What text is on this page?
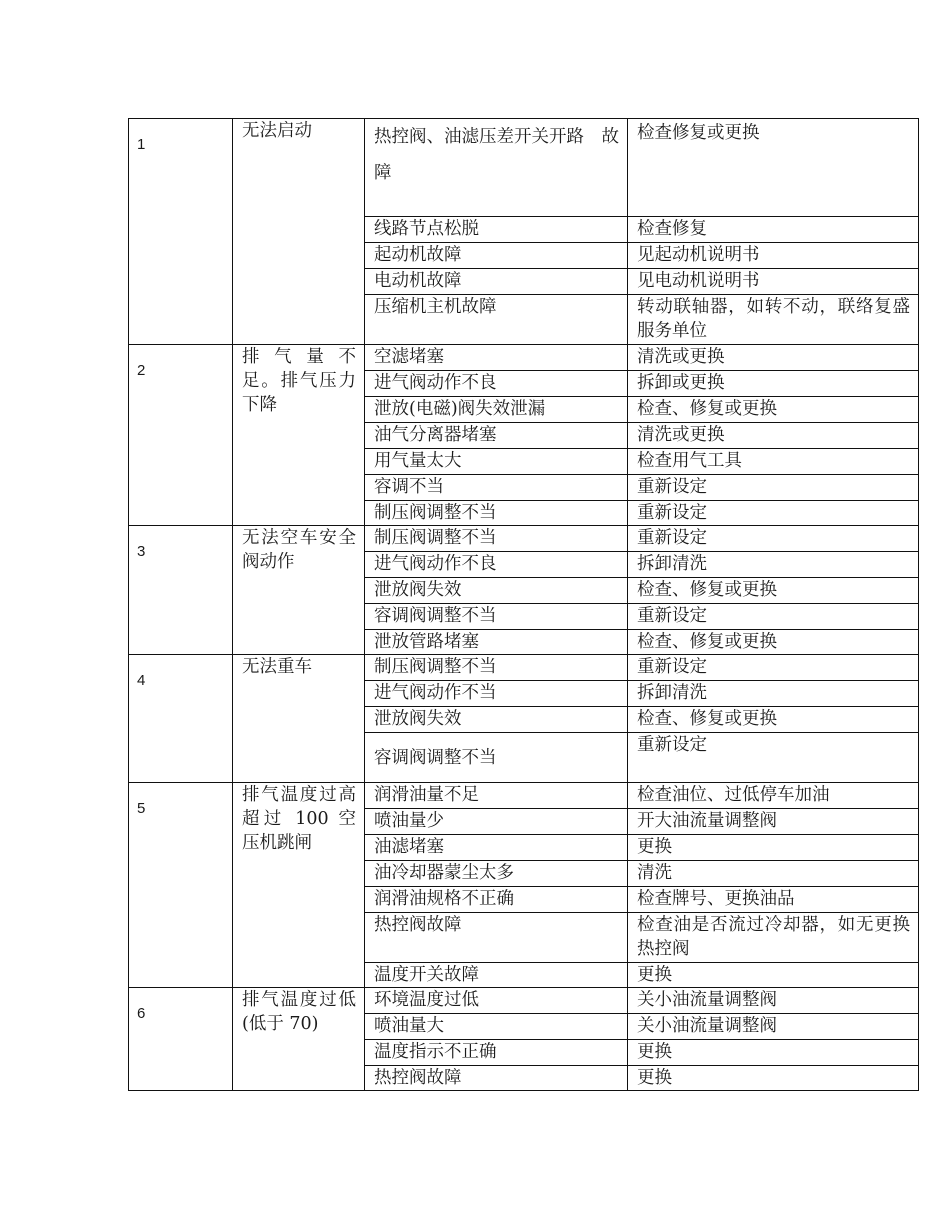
1	无法启动	热控阀、油滤压差开关开路　故　障	检查修复或更换
		线路节点松脱	检查修复
		起动机故障	见起动机说明书
		电动机故障	见电动机说明书
		压缩机主机故障	转动联轴器，如转不动，联络复盛服务单位
2	排 气 量 不足。排气压力下降	空滤堵塞	清洗或更换
		进气阀动作不良	拆卸或更换
		泄放(电磁)阀失效泄漏	检查、修复或更换
		油气分离器堵塞	清洗或更换
		用气量太大	检查用气工具
		容调不当	重新设定
		制压阀调整不当	重新设定
3	无法空车安全阀动作	制压阀调整不当	重新设定
		进气阀动作不良	拆卸清洗
		泄放阀失效	检查、修复或更换
		容调阀调整不当	重新设定
		泄放管路堵塞	检查、修复或更换
4	无法重车	制压阀调整不当	重新设定
		进气阀动作不当	拆卸清洗
		泄放阀失效	检查、修复或更换
		容调阀调整不当	重新设定
5	排气温度过高超过 100 空压机跳闸	润滑油量不足	检查油位、过低停车加油
		喷油量少	开大油流量调整阀
		油滤堵塞	更换
		油冷却器蒙尘太多	清洗
		润滑油规格不正确	检查牌号、更换油品
		热控阀故障	检查油是否流过冷却器，如无更换热控阀
		温度开关故障	更换
6	排气温度过低(低于 70)	环境温度过低	关小油流量调整阀
		喷油量大	关小油流量调整阀
		温度指示不正确	更换
		热控阀故障	更换
